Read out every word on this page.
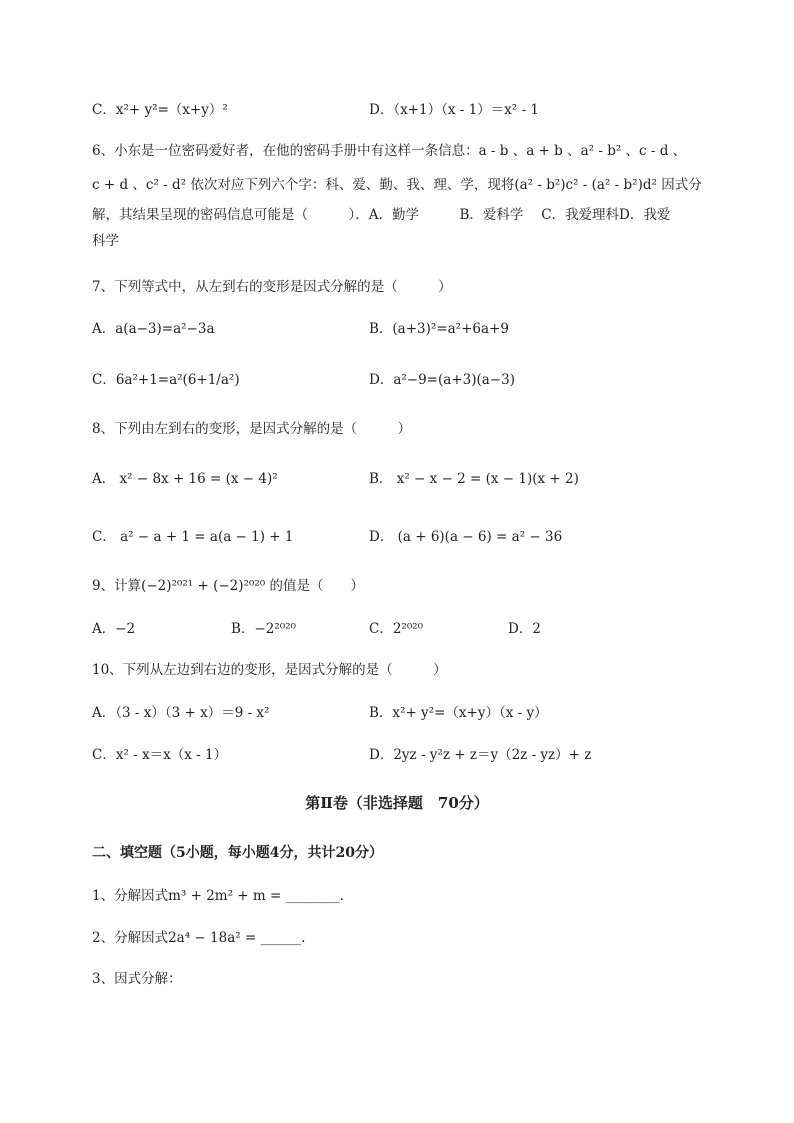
C．x²+ y²=（x+y）²	D．（x+1）（x - 1）＝x² - 1
6、小东是一位密码爱好者，在他的密码手册中有这样一条信息：a - b 、a + b 、a² - b² 、c - d 、
c + d 、c² - d² 依次对应下列六个字：科、爱、勤、我、理、学，现将(a² - b²)c² - (a² - b²)d² 因式分
解，其结果呈现的密码信息可能是（　　　）．A．勤学　　　B．爱科学　 C．我爱理科D．我爱
科学
7、下列等式中，从左到右的变形是因式分解的是（　　　）
A．a(a−3)=a²−3a	B．(a+3)²=a²+6a+9
C．6a²+1=a²(6+1/a²)	D．a²−9=(a+3)(a−3)
8、下列由左到右的变形，是因式分解的是（　　　）
A． x² − 8x + 16 = (x − 4)²	B． x² − x − 2 = (x − 1)(x + 2)
C． a² − a + 1 = a(a − 1) + 1	D． (a + 6)(a − 6) = a² − 36
9、计算(−2)²⁰²¹ + (−2)²⁰²⁰ 的值是（　　）
A．−2	B．−2²⁰²⁰	C．2²⁰²⁰	D．2
10、下列从左边到右边的变形，是因式分解的是（　　　）
A．（3 - x）（3 + x）＝9 - x²	B．x²+ y²=（x+y）（x - y）
C．x² - x＝x（x - 1）	D．2yz - y²z + z＝y（2z - yz）+ z
第Ⅱ卷（非选择题　70分）
二、填空题（5小题，每小题4分，共计20分）
1、分解因式m³ + 2m² + m = ________.
2、分解因式2a⁴ − 18a² = ______.
3、因式分解：
